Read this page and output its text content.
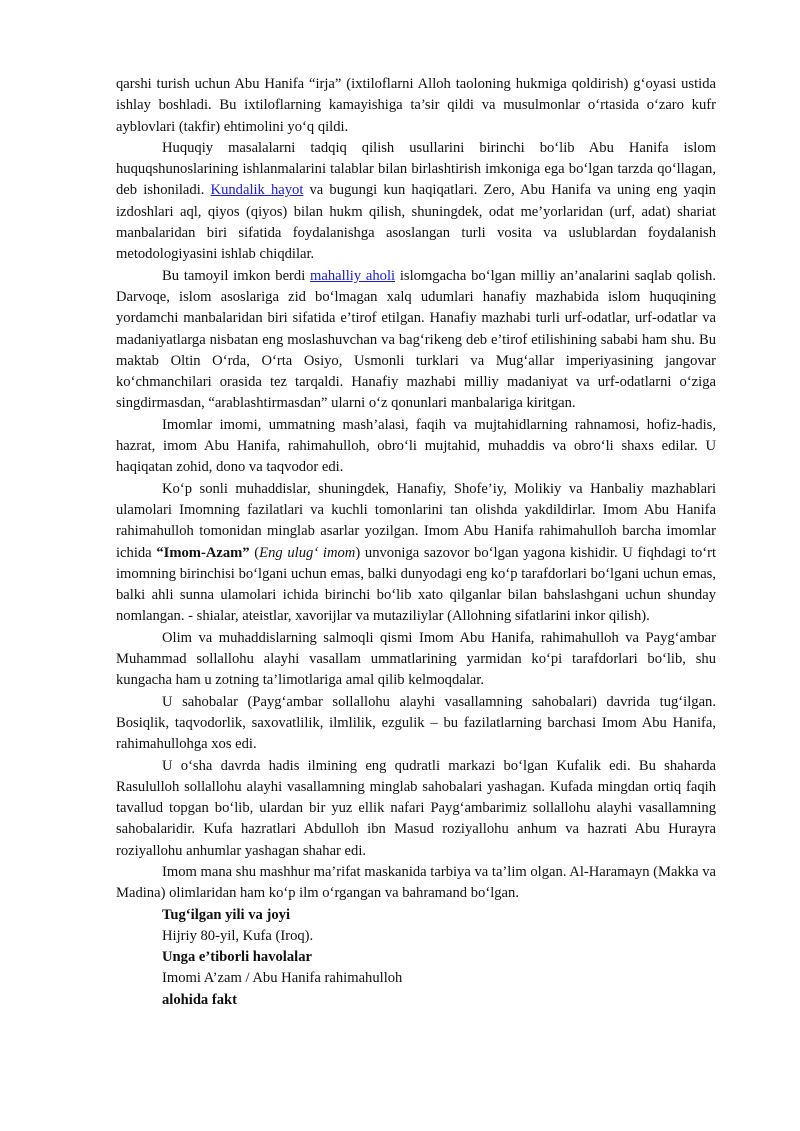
qarshi turish uchun Abu Hanifa “irja” (ixtiloflarni Alloh taoloning hukmiga qoldirish) g‘oyasi ustida ishlay boshladi. Bu ixtiloflarning kamayishiga ta’sir qildi va musulmonlar o‘rtasida o‘zaro kufr ayblovlari (takfir) ehtimolini yo‘q qildi.

Huquqiy masalalarni tadqiq qilish usullarini birinchi bo‘lib Abu Hanifa islom huquqshunoslarining ishlanmalarini talablar bilan birlashtirish imkoniga ega bo‘lgan tarzda qo‘llagan, deb ishoniladi. Kundalik hayot va bugungi kun haqiqatlari. Zero, Abu Hanifa va uning eng yaqin izdoshlari aql, qiyos (qiyos) bilan hukm qilish, shuningdek, odat me’yorlaridan (urf, adat) shariat manbalaridan biri sifatida foydalanishga asoslangan turli vosita va uslublardan foydalanish metodologiyasini ishlab chiqdilar.

Bu tamoyil imkon berdi mahalliy aholi islomgacha bo‘lgan milliy an’analarini saqlab qolish. Darvoqe, islom asoslariga zid bo‘lmagan xalq udumlari hanafiy mazhabida islom huquqining yordamchi manbalaridan biri sifatida e’tirof etilgan. Hanafiy mazhabi turli urf-odatlar, urf-odatlar va madaniyatlarga nisbatan eng moslashuvchan va bag‘rikeng deb e’tirof etilishining sababi ham shu. Bu maktab Oltin O‘rda, O‘rta Osiyo, Usmonli turklari va Mug‘allar imperiyasining jangovar ko‘chmanchilari orasida tez tarqaldi. Hanafiy mazhabi milliy madaniyat va urf-odatlarni o‘ziga singdirmasdan, “arablashtirmasdan” ularni o‘z qonunlari manbalariga kiritgan.

Imomlar imomi, ummatning mash’alasi, faqih va mujtahidlarning rahnamosi, hofiz-hadis, hazrat, imom Abu Hanifa, rahimahulloh, obro‘li mujtahid, muhaddis va obro‘li shaxs edilar. U haqiqatan zohid, dono va taqvodor edi.

Ko‘p sonli muhaddislar, shuningdek, Hanafiy, Shofe’iy, Molikiy va Hanbaliy mazhablari ulamolari Imomning fazilatlari va kuchli tomonlarini tan olishda yakdildirlar. Imom Abu Hanifa rahimahulloh tomonidan minglab asarlar yozilgan. Imom Abu Hanifa rahimahulloh barcha imomlar ichida “Imom-Azam” (Eng ulug‘ imom) unvoniga sazovor bo‘lgan yagona kishidir. U fiqhdagi to‘rt imomning birinchisi bo‘lgani uchun emas, balki dunyodagi eng ko‘p tarafdorlari bo‘lgani uchun emas, balki ahli sunna ulamolari ichida birinchi bo‘lib xato qilganlar bilan bahslashgani uchun shunday nomlangan. - shialar, ateistlar, xavorijlar va mutaziliylar (Allohning sifatlarini inkor qilish).

Olim va muhaddislarning salmoqli qismi Imom Abu Hanifa, rahimahulloh va Payg‘ambar Muhammad sollallohu alayhi vasallam ummatlarining yarmidan ko‘pi tarafdorlari bo‘lib, shu kungacha ham u zotning ta’limotlariga amal qilib kelmoqdalar.

U sahobalar (Payg‘ambar sollallohu alayhi vasallamning sahobalari) davrida tug‘ilgan. Bosiqlik, taqvodorlik, saxovatlilik, ilmlilik, ezgulik – bu fazilatlarning barchasi Imom Abu Hanifa, rahimahullohga xos edi.

U o‘sha davrda hadis ilmining eng qudratli markazi bo‘lgan Kufalik edi. Bu shaharda Rasululloh sollallohu alayhi vasallamning minglab sahobalari yashagan. Kufada mingdan ortiq faqih tavallud topgan bo‘lib, ulardan bir yuz ellik nafari Payg‘ambarimiz sollallohu alayhi vasallamning sahobalaridir. Kufa hazratlari Abdulloh ibn Masud roziyallohu anhum va hazrati Abu Hurayra roziyallohu anhumlar yashagan shahar edi.

Imom mana shu mashhur ma’rifat maskanida tarbiya va ta’lim olgan. Al-Haramayn (Makka va Madina) olimlaridan ham ko‘p ilm o‘rgangan va bahramand bo‘lgan.

Tug‘ilgan yili va joyi

Hijriy 80-yil, Kufa (Iroq).

Unga e’tiborli havolalar

Imomi A’zam / Abu Hanifa rahimahulloh

alohida fakt
